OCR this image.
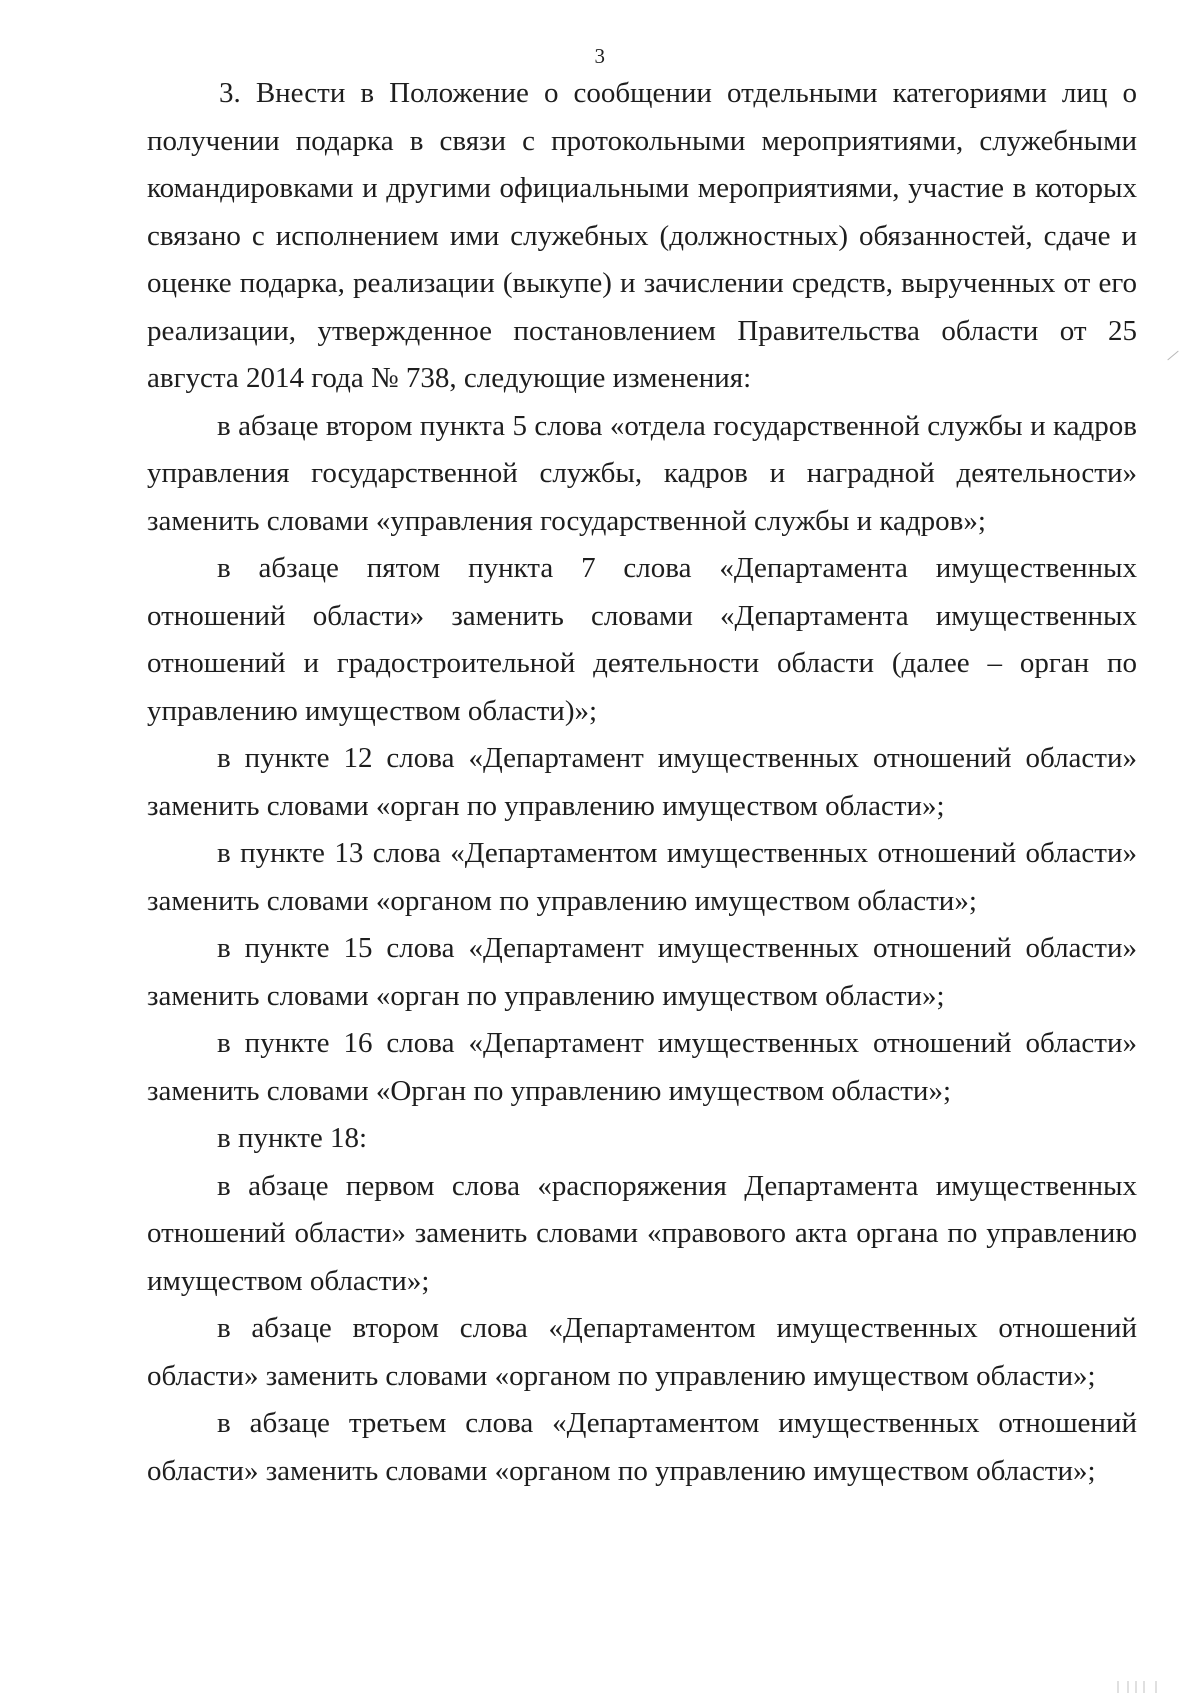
3

3. Внести в Положение о сообщении отдельными категориями лиц о получении подарка в связи с протокольными мероприятиями, служебными командировками и другими официальными мероприятиями, участие в которых связано с исполнением ими служебных (должностных) обязанностей, сдаче и оценке подарка, реализации (выкупе) и зачислении средств, вырученных от его реализации, утвержденное постановлением Правительства области от 25 августа 2014 года № 738, следующие изменения:

в абзаце втором пункта 5 слова «отдела государственной службы и кадров управления государственной службы, кадров и наградной деятельности» заменить словами «управления государственной службы и кадров»;

в абзаце пятом пункта 7 слова «Департамента имущественных отношений области» заменить словами «Департамента имущественных отношений и градостроительной деятельности области (далее – орган по управлению имуществом области)»;

в пункте 12 слова «Департамент имущественных отношений области» заменить словами «орган по управлению имуществом области»;

в пункте 13 слова «Департаментом имущественных отношений области» заменить словами «органом по управлению имуществом области»;

в пункте 15 слова «Департамент имущественных отношений области» заменить словами «орган по управлению имуществом области»;

в пункте 16 слова «Департамент имущественных отношений области» заменить словами «Орган по управлению имуществом области»;

в пункте 18:

в абзаце первом слова «распоряжения Департамента имущественных отношений области» заменить словами «правового акта органа по управлению имуществом области»;

в абзаце втором слова «Департаментом имущественных отношений области» заменить словами «органом по управлению имуществом области»;

в абзаце третьем слова «Департаментом имущественных отношений области» заменить словами «органом по управлению имуществом области»;
